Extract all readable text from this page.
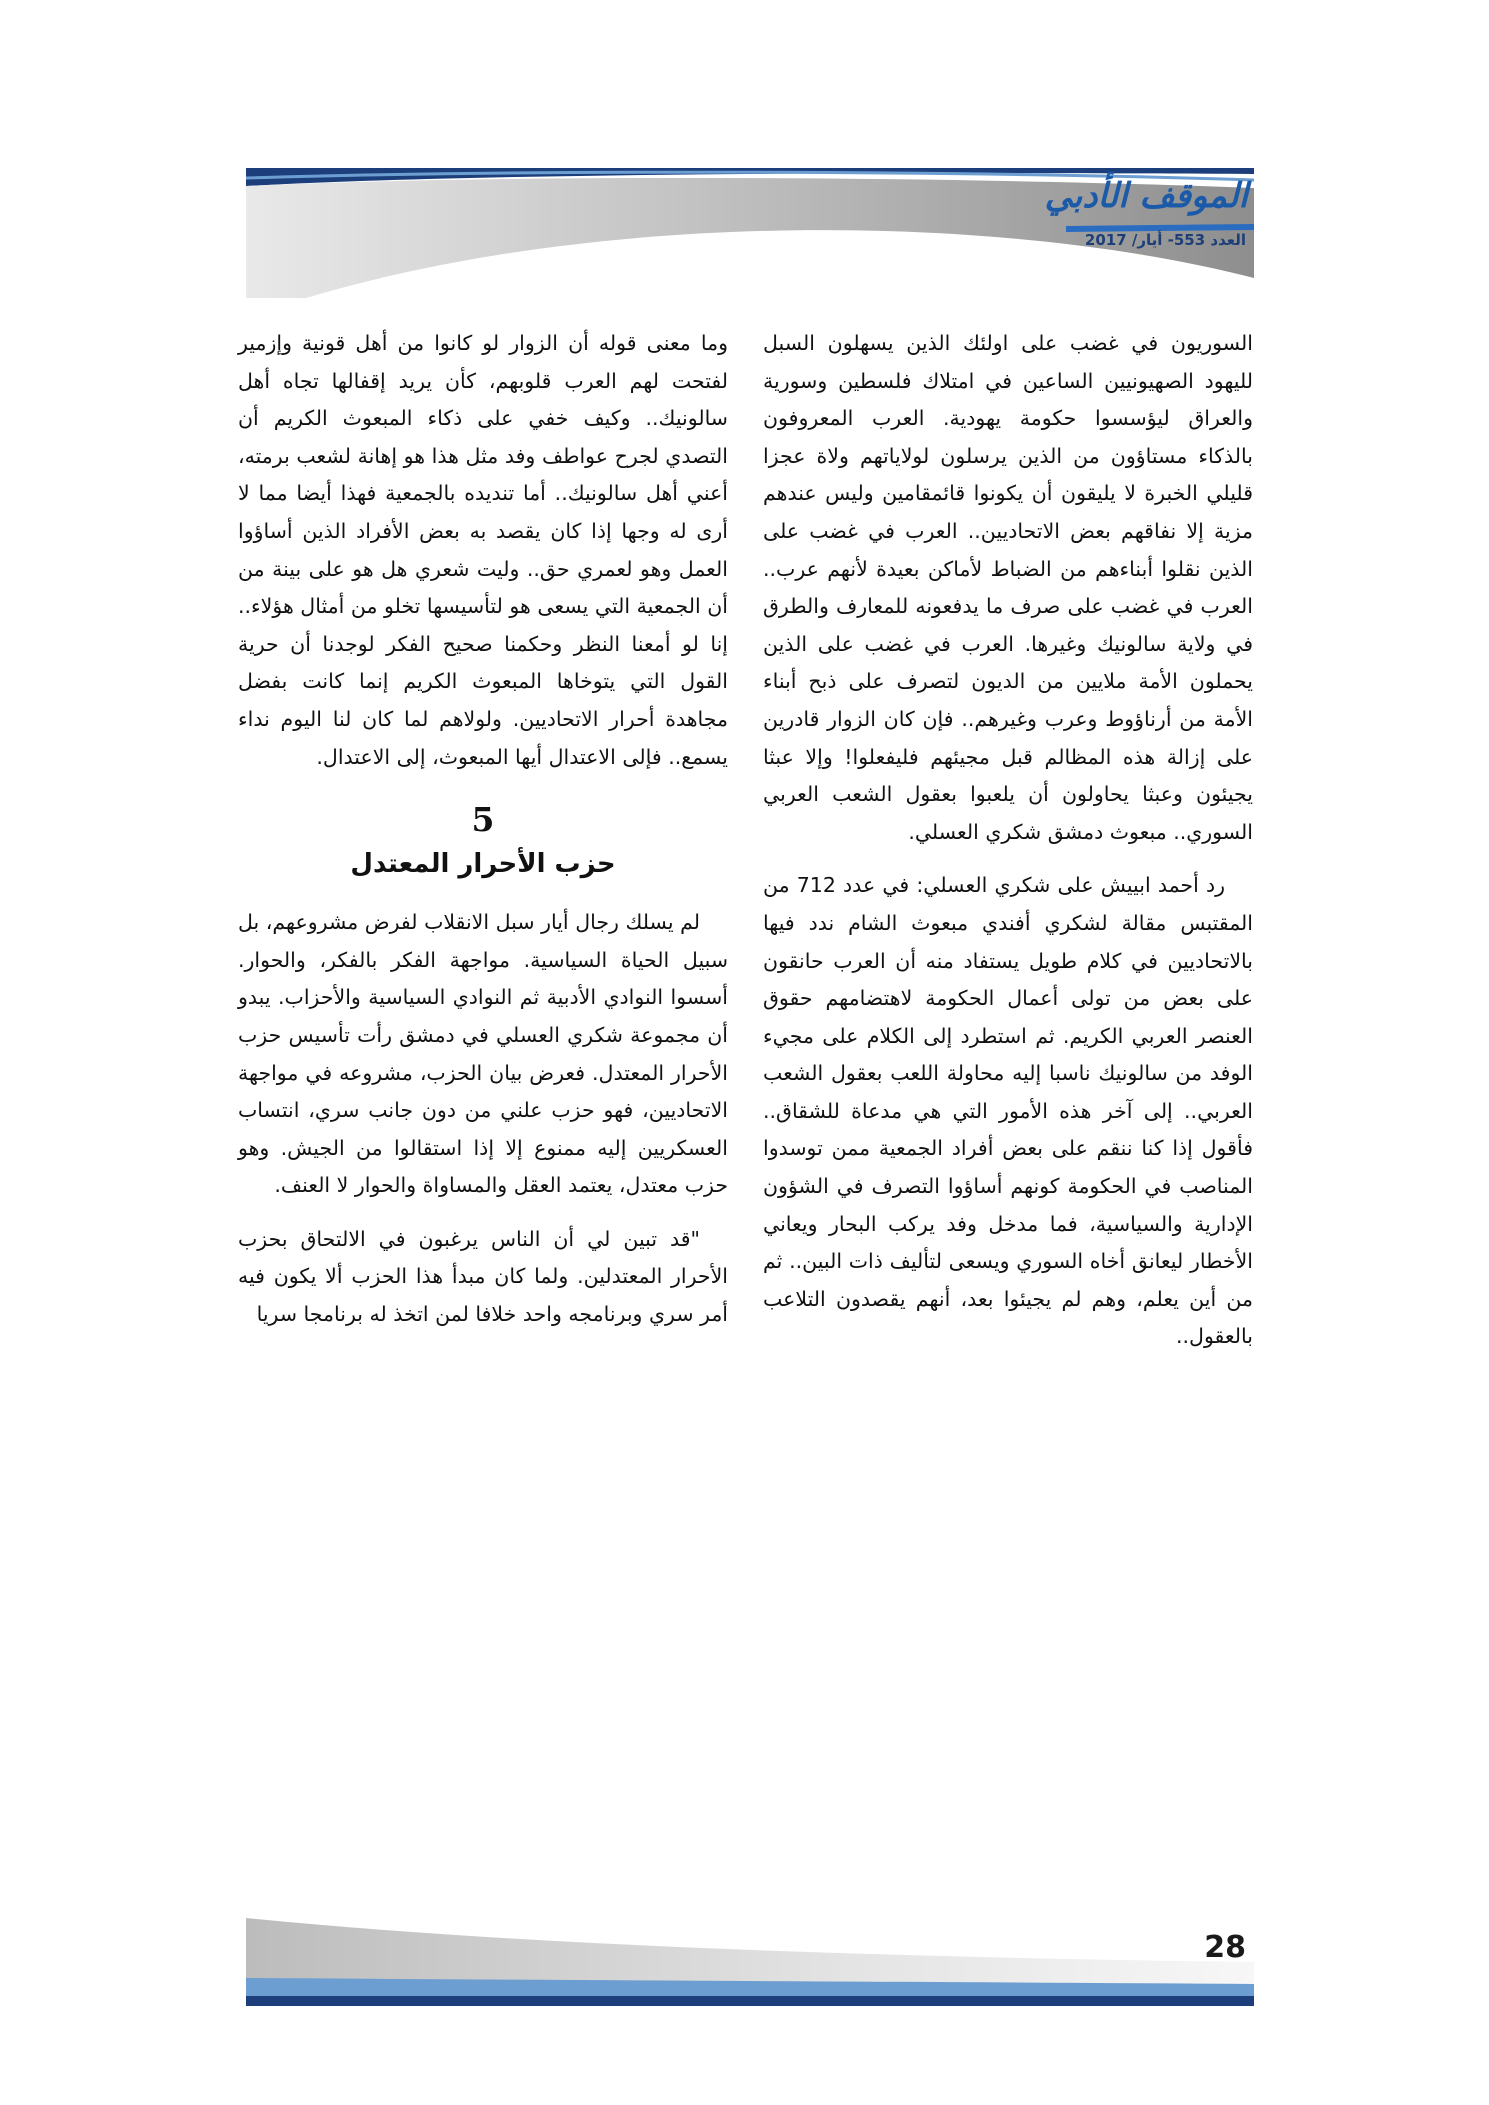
الموقف الأدبي
العدد 553- أيار/ 2017

السوريون في غضب على اولئك الذين يسهلون السبل لليهود الصهيونيين الساعين في امتلاك فلسطين وسورية والعراق ليؤسسوا حكومة يهودية. العرب المعروفون بالذكاء مستاؤون من الذين يرسلون لولاياتهم ولاة عجزا قليلي الخبرة لا يليقون أن يكونوا قائمقامين وليس عندهم مزية إلا نفاقهم بعض الاتحاديين.. العرب في غضب على الذين نقلوا أبناءهم من الضباط لأماكن بعيدة لأنهم عرب.. العرب في غضب على صرف ما يدفعونه للمعارف والطرق في ولاية سالونيك وغيرها. العرب في غضب على الذين يحملون الأمة ملايين من الديون لتصرف على ذبح أبناء الأمة من أرناؤوط وعرب وغيرهم.. فإن كان الزوار قادرين على إزالة هذه المظالم قبل مجيئهم فليفعلوا! وإلا عبثا يجيئون وعبثا يحاولون أن يلعبوا بعقول الشعب العربي السوري.. مبعوث دمشق شكري العسلي.

رد أحمد ابييش على شكري العسلي: في عدد 712 من المقتبس مقالة لشكري أفندي مبعوث الشام ندد فيها بالاتحاديين في كلام طويل يستفاد منه أن العرب حانقون على بعض من تولى أعمال الحكومة لاهتضامهم حقوق العنصر العربي الكريم. ثم استطرد إلى الكلام على مجيء الوفد من سالونيك ناسبا إليه محاولة اللعب بعقول الشعب العربي.. إلى آخر هذه الأمور التي هي مدعاة للشقاق.. فأقول إذا كنا ننقم على بعض أفراد الجمعية ممن توسدوا المناصب في الحكومة كونهم أساؤوا التصرف في الشؤون الإدارية والسياسية، فما مدخل وفد يركب البحار ويعاني الأخطار ليعانق أخاه السوري ويسعى لتأليف ذات البين.. ثم من أين يعلم، وهم لم يجيئوا بعد، أنهم يقصدون التلاعب بالعقول..

وما معنى قوله أن الزوار لو كانوا من أهل قونية وإزمير لفتحت لهم العرب قلوبهم، كأن يريد إقفالها تجاه أهل سالونيك.. وكيف خفي على ذكاء المبعوث الكريم أن التصدي لجرح عواطف وفد مثل هذا هو إهانة لشعب برمته، أعني أهل سالونيك.. أما تنديده بالجمعية فهذا أيضا مما لا أرى له وجها إذا كان يقصد به بعض الأفراد الذين أساؤوا العمل وهو لعمري حق.. وليت شعري هل هو على بينة من أن الجمعية التي يسعى هو لتأسيسها تخلو من أمثال هؤلاء.. إنا لو أمعنا النظر وحكمنا صحيح الفكر لوجدنا أن حرية القول التي يتوخاها المبعوث الكريم إنما كانت بفضل مجاهدة أحرار الاتحاديين. ولولاهم لما كان لنا اليوم نداء يسمع.. فإلى الاعتدال أيها المبعوث، إلى الاعتدال.

5
حزب الأحرار المعتدل

لم يسلك رجال أيار سبل الانقلاب لفرض مشروعهم، بل سبيل الحياة السياسية. مواجهة الفكر بالفكر، والحوار. أسسوا النوادي الأدبية ثم النوادي السياسية والأحزاب. يبدو أن مجموعة شكري العسلي في دمشق رأت تأسيس حزب الأحرار المعتدل. فعرض بيان الحزب، مشروعه في مواجهة الاتحاديين، فهو حزب علني من دون جانب سري، انتساب العسكريين إليه ممنوع إلا إذا استقالوا من الجيش. وهو حزب معتدل، يعتمد العقل والمساواة والحوار لا العنف.

"قد تبين لي أن الناس يرغبون في الالتحاق بحزب الأحرار المعتدلين. ولما كان مبدأ هذا الحزب ألا يكون فيه أمر سري وبرنامجه واحد خلافا لمن اتخذ له برنامجا سريا

28
